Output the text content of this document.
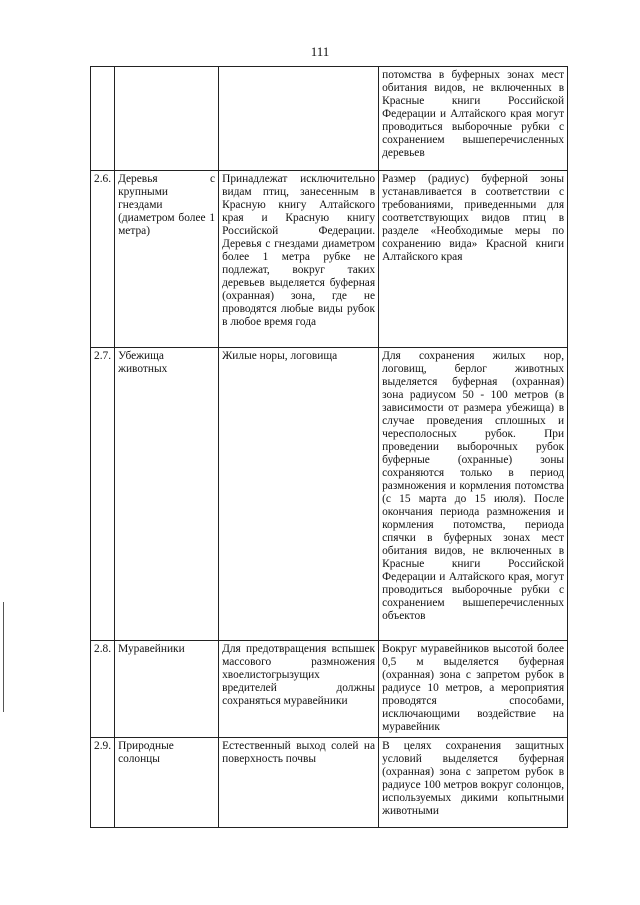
111
			потомства в буферных зонах мест обитания видов, не включенных в Красные книги Российской Федерации и Алтайского края могут проводиться выборочные рубки с сохранением вышеперечисленных деревьев
2.6.	Деревья с крупными гнездами (диаметром более 1 метра)	Принадлежат исключительно видам птиц, занесенным в Красную книгу Алтайского края и Красную книгу Российской Федерации. Деревья с гнездами диаметром более 1 метра рубке не подлежат, вокруг таких деревьев выделяется буферная (охранная) зона, где не проводятся любые виды рубок в любое время года	Размер (радиус) буферной зоны устанавливается в соответствии с требованиями, приведенными для соответствующих видов птиц в разделе «Необходимые меры по сохранению вида» Красной книги Алтайского края
2.7.	Убежища животных	Жилые норы, логовища	Для сохранения жилых нор, логовищ, берлог животных выделяется буферная (охранная) зона радиусом 50 - 100 метров (в зависимости от размера убежища) в случае проведения сплошных и чересполосных рубок. При проведении выборочных рубок буферные (охранные) зоны сохраняются только в период размножения и кормления потомства (с 15 марта до 15 июля). После окончания периода размножения и кормления потомства, периода спячки в буферных зонах мест обитания видов, не включенных в Красные книги Российской Федерации и Алтайского края, могут проводиться выборочные рубки с сохранением вышеперечисленных объектов
2.8.	Муравейники	Для предотвращения вспышек массового размножения хвоелистогрызущих вредителей должны сохраняться муравейники	Вокруг муравейников высотой более 0,5 м выделяется буферная (охранная) зона с запретом рубок в радиусе 10 метров, а мероприятия проводятся способами, исключающими воздействие на муравейник
2.9.	Природные солонцы	Естественный выход солей на поверхность почвы	В целях сохранения защитных условий выделяется буферная (охранная) зона с запретом рубок в радиусе 100 метров вокруг солонцов, используемых дикими копытными животными
